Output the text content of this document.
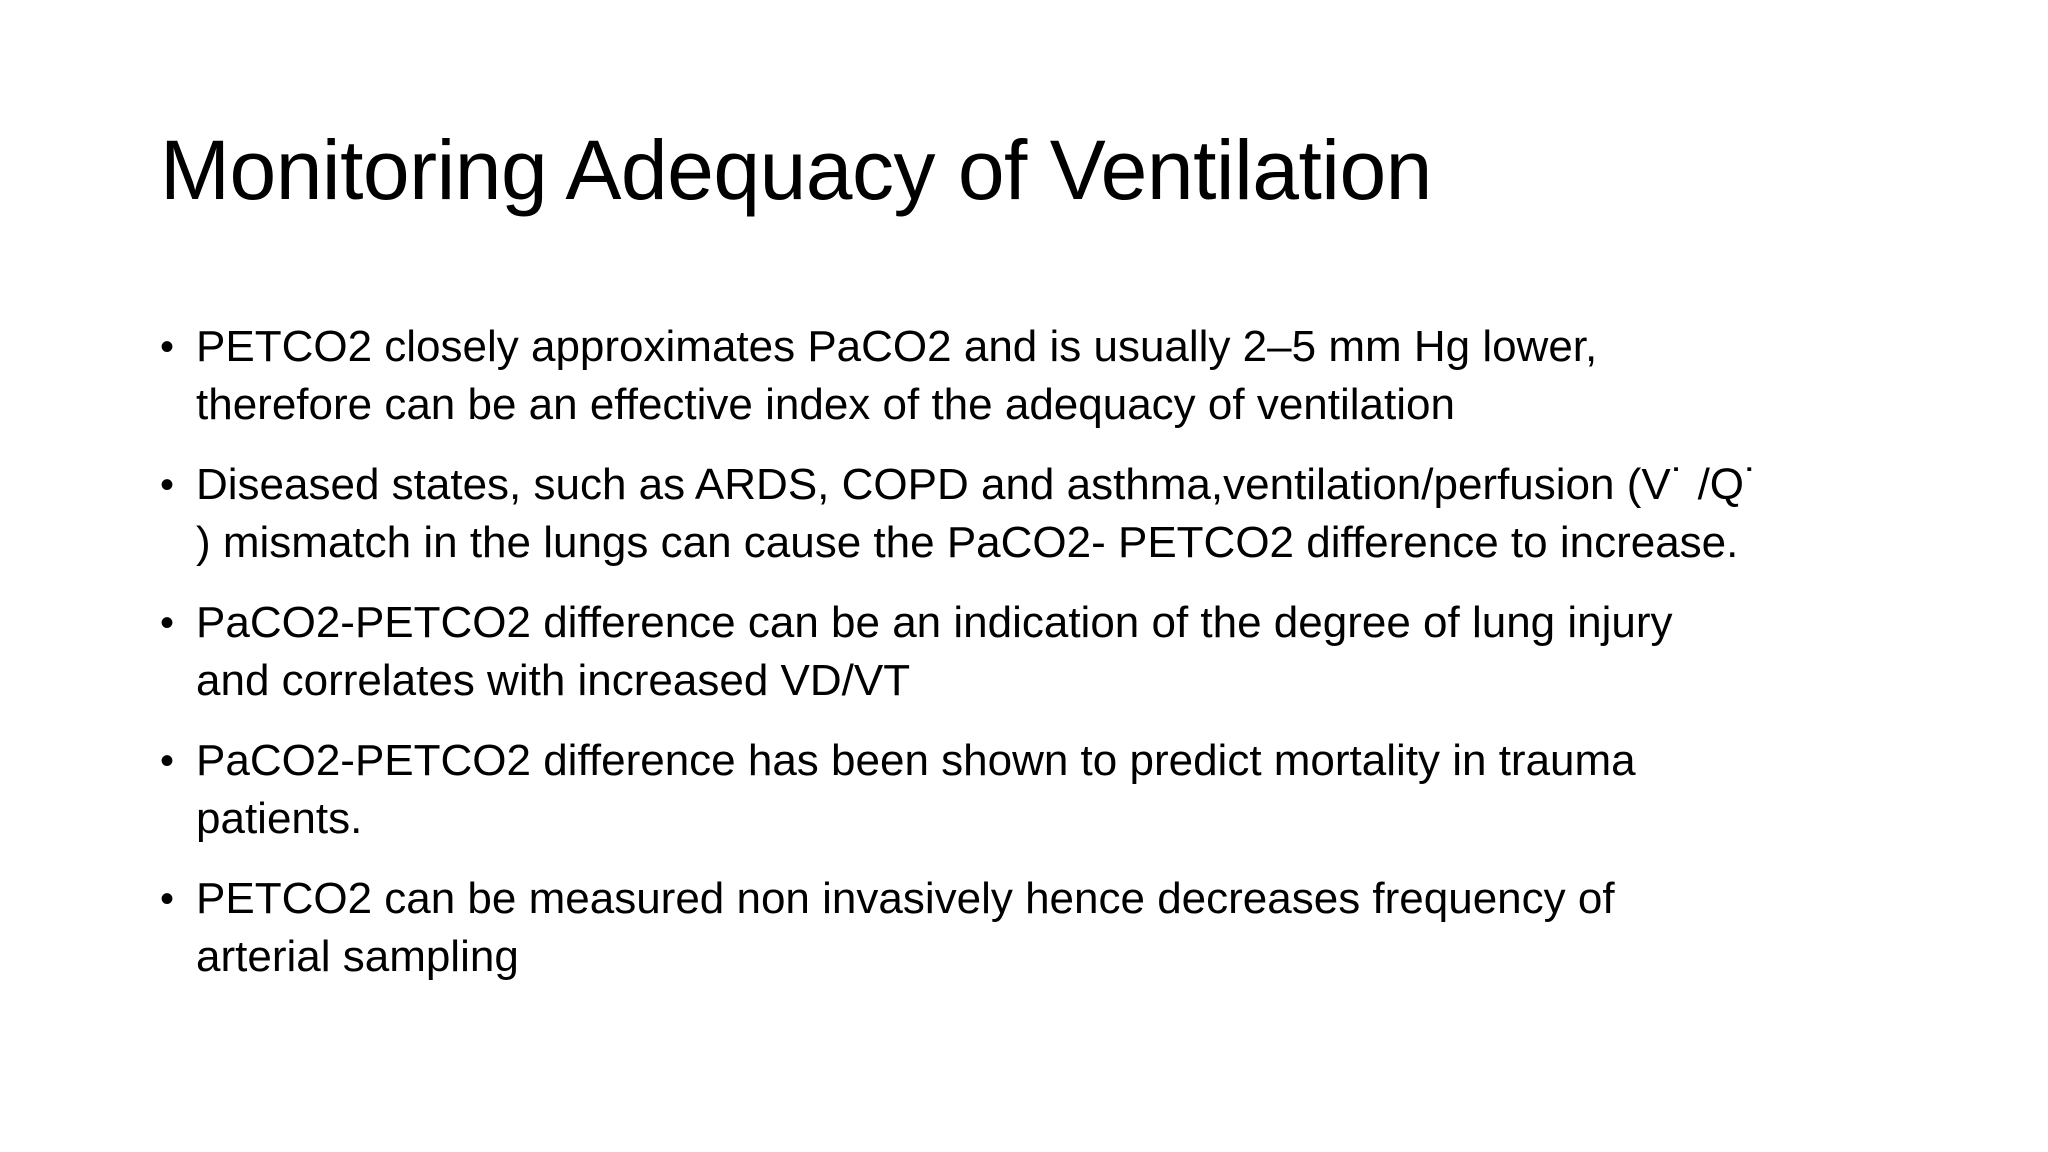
Monitoring Adequacy of Ventilation
• PETCO2 closely approximates PaCO2 and is usually 2–5 mm Hg lower,
therefore can be an effective index of the adequacy of ventilation
• Diseased states, such as ARDS, COPD and asthma,ventilation/perfusion (V˙ /Q˙
) mismatch in the lungs can cause the PaCO2- PETCO2 difference to increase.
• PaCO2-PETCO2 difference can be an indication of the degree of lung injury
and correlates with increased VD/VT
• PaCO2-PETCO2 difference has been shown to predict mortality in trauma
patients.
• PETCO2 can be measured non invasively hence decreases frequency of
arterial sampling
